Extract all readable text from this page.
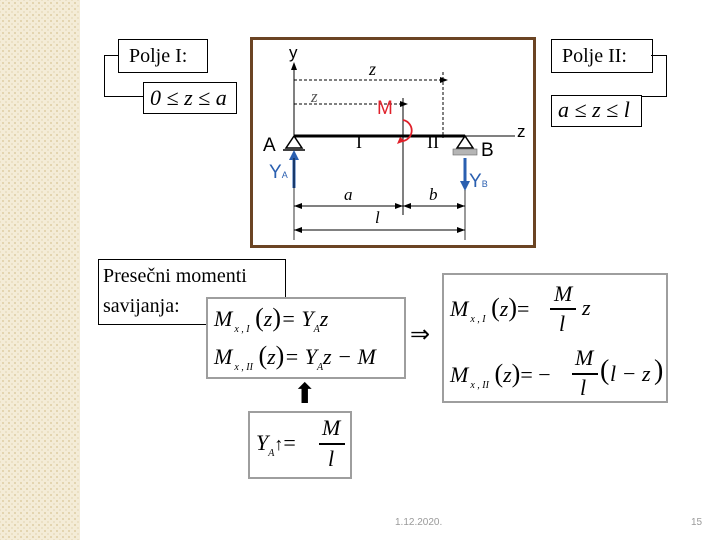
Polje I:
0 ≤ z ≤ a
Polje II:
a ≤ z ≤ l
y
z
z
M
z
I	II
A	B
YA	YB
a	b
l
Presečni momenti
savijanja: M $_{x , I}$ $(z)= Y_Az$
M $_{x , II}$ $(z)= Y_Az - M$
⇒
M $_{x , I}$ (z)=
M
l
z
M $_{x , II}$ (z)= −
M
l
( l − z )
⬆
$Y_A↑=$
M
l
1.12.2020.	15
